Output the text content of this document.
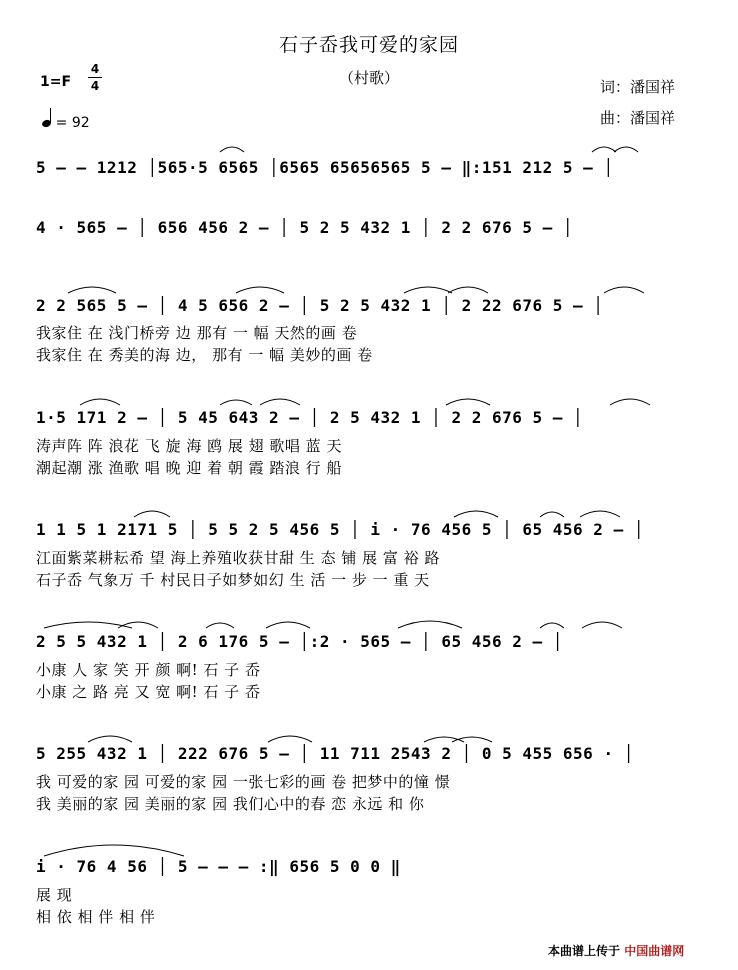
石子岙我可爱的家园
（村歌）	词：潘国祥
曲：潘国祥
1=F
4
4
= 92
5 — — 1212 │565·5 6565 │6565 65656565 5 — ‖:151 212 5 — │
4 · 565 — │ 656 456 2 — │ 5 2 5 432 1 │ 2 2 676 5 — │
2 2 565 5 — │ 4 5 656 2 — │ 5 2 5 432 1 │ 2 22 676 5 — │
我家住 在 浅门桥旁 边 那有 一 幅 天然的画 卷
我家住 在 秀美的海 边， 那有 一 幅 美妙的画 卷
1·5 171 2 — │ 5 45 643 2 — │ 2 5 432 1 │ 2 2 676 5 — │
涛声阵 阵 浪花 飞 旋 海 鸥 展 翅 歌唱 蓝 天
潮起潮 涨 渔歌 唱 晚 迎 着 朝 霞 踏浪 行 船
1 1 5 1 2171 5 │ 5 5 2 5 456 5 │ i · 76 456 5 │ 65 456 2 — │
江面紫菜耕耘希 望 海上养殖收获甘甜 生 态 铺 展 富 裕 路
石子岙 气象万 千 村民日子如梦如幻 生 活 一 步 一 重 天
2 5 5 432 1 │ 2 6 176 5 — │:2 · 565 — │ 65 456 2 — │
小康 人 家 笑 开 颜 啊! 石 子 岙
小康 之 路 亮 又 宽 啊! 石 子 岙
5 255 432 1 │ 222 676 5 — │ 11 711 2543 2 │ 0 5 455 656 · │
我 可爱的家 园 可爱的家 园 一张七彩的画 卷 把梦中的憧 憬
我 美丽的家 园 美丽的家 园 我们心中的春 恋 永远 和 你
i · 76 4 56 │ 5 — — — :‖ 656 5 0 0 ‖
展 现
相 依 相 伴 相 伴
本曲谱上传于 中国曲谱网
